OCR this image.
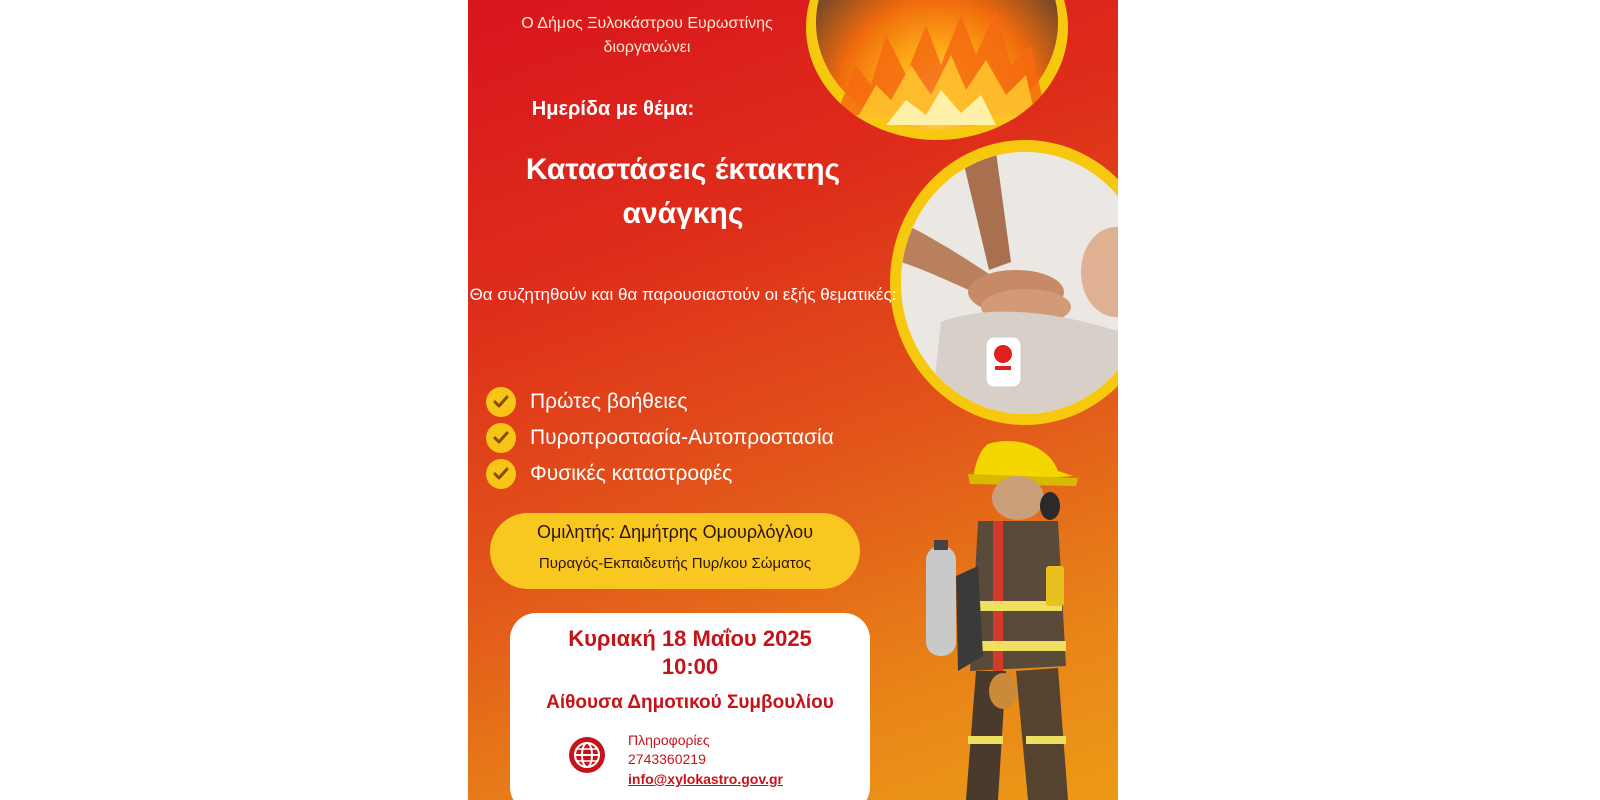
Ο Δήμος Ξυλοκάστρου Ευρωστίνης διοργανώνει
Ημερίδα με θέμα:
Καταστάσεις έκτακτης ανάγκης
Θα συζητηθούν και θα παρουσιαστούν οι εξής θεματικές:
Πρώτες βοήθειες
Πυροπροστασία-Αυτοπροστασία
Φυσικές καταστροφές
Ομιλητής: Δημήτρης Ομουρλόγλου
Πυραγός-Εκπαιδευτής Πυρ/κου Σώματος
Κυριακή 18 Μαΐου 2025
10:00
Αίθουσα Δημοτικού Συμβουλίου
Πληροφορίες
2743360219
info@xylokastro.gov.gr
